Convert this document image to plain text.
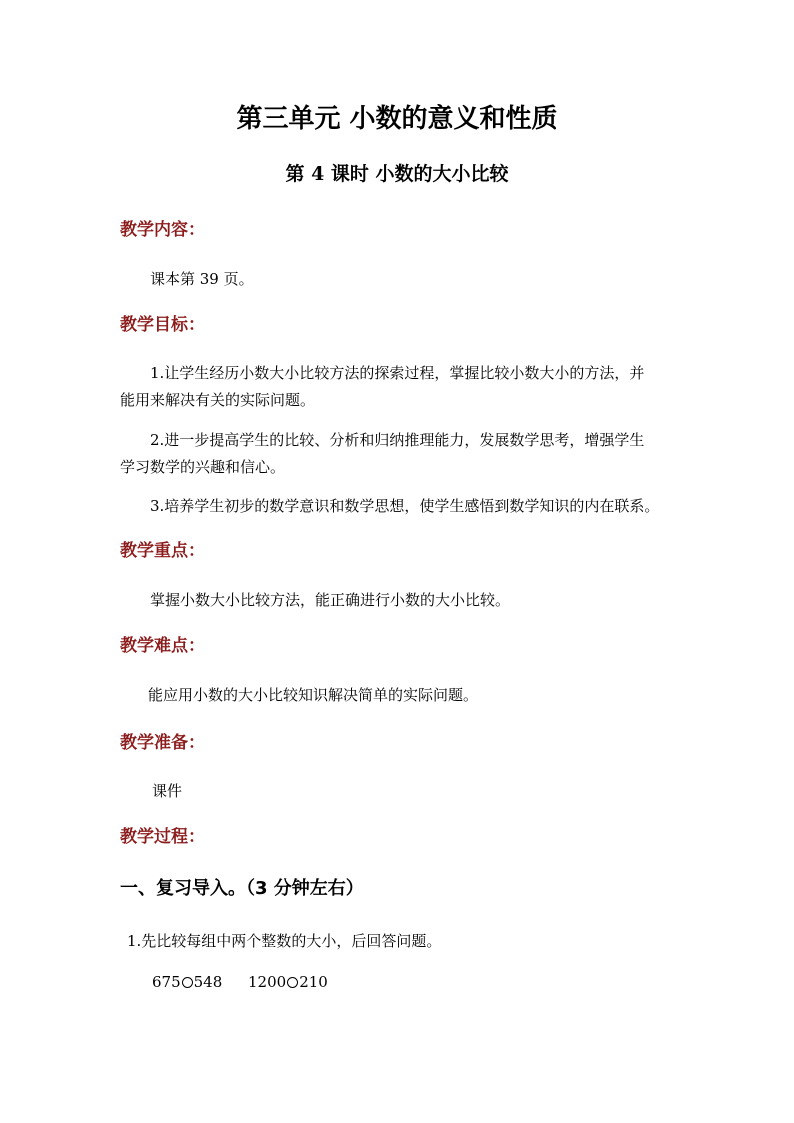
第三单元 小数的意义和性质
第 4 课时 小数的大小比较
教学内容：
课本第 39 页。
教学目标：
1.让学生经历小数大小比较方法的探索过程，掌握比较小数大小的方法，并
能用来解决有关的实际问题。
2.进一步提高学生的比较、分析和归纳推理能力，发展数学思考，增强学生
学习数学的兴趣和信心。
3.培养学生初步的数学意识和数学思想，使学生感悟到数学知识的内在联系。
教学重点：
掌握小数大小比较方法，能正确进行小数的大小比较。
教学难点：
能应用小数的大小比较知识解决简单的实际问题。
教学准备：
课件
教学过程：
一、复习导入。（3 分钟左右）
1.先比较每组中两个整数的大小，后回答问题。
675 548 1200 210
